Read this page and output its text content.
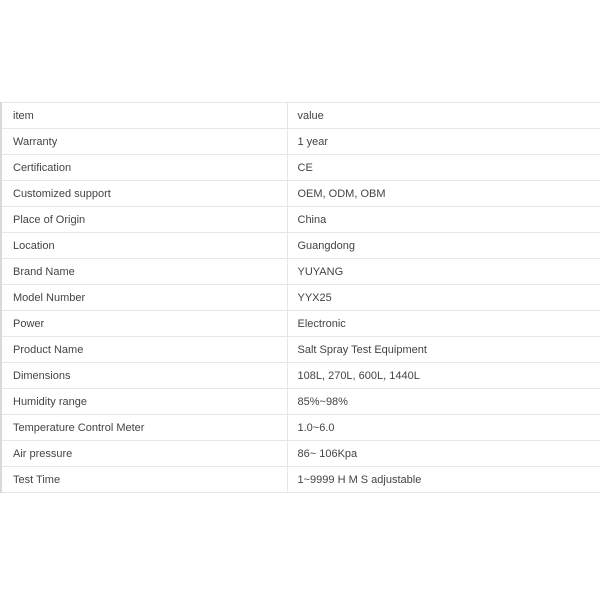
item	value
Warranty	1 year
Certification	CE
Customized support	OEM, ODM, OBM
Place of Origin	China
Location	Guangdong
Brand Name	YUYANG
Model Number	YYX25
Power	Electronic
Product Name	Salt Spray Test Equipment
Dimensions	108L, 270L, 600L, 1440L
Humidity range	85%~98%
Temperature Control Meter	1.0~6.0
Air pressure	86~ 106Kpa
Test Time	1~9999 H M S adjustable
